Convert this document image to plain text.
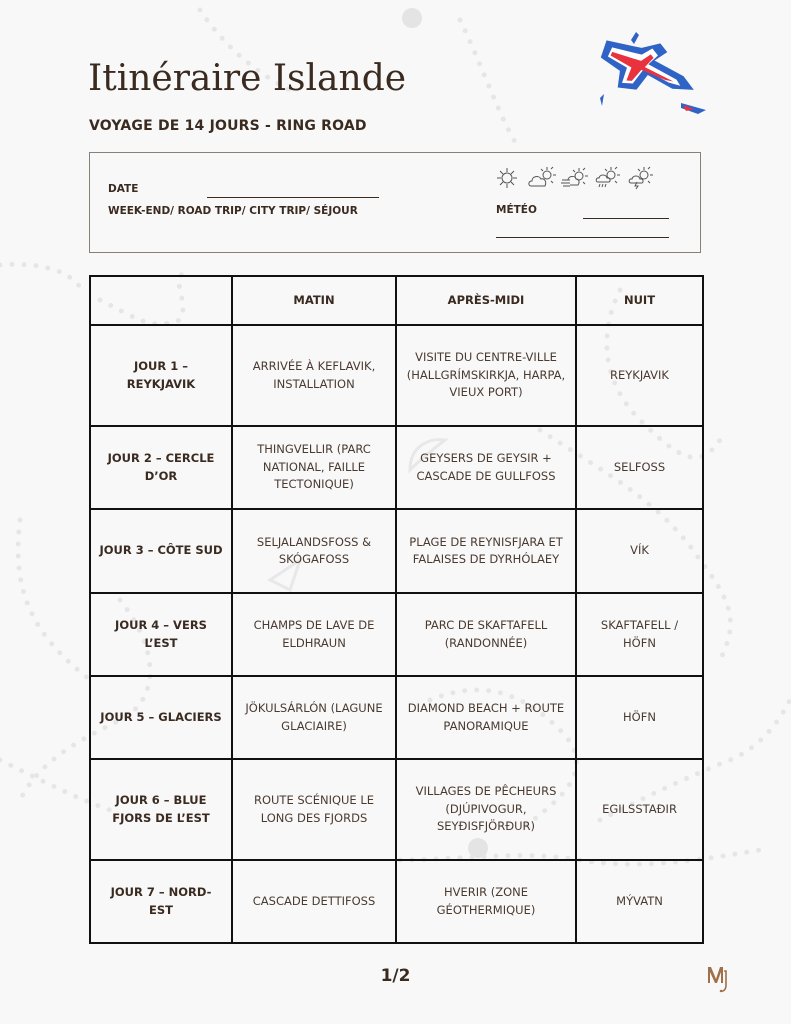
Itinéraire Islande
VOYAGE DE 14 JOURS - RING ROAD
DATE
WEEK-END/ ROAD TRIP/ CITY TRIP/ SÉJOUR	MÉTÉO
	MATIN	APRÈS-MIDI	NUIT
JOUR 1 – REYKJAVIK	ARRIVÉE À KEFLAVIK, INSTALLATION	VISITE DU CENTRE-VILLE (HALLGRÍMSKIRKJA, HARPA, VIEUX PORT)	REYKJAVIK
JOUR 2 – CERCLE D’OR	THINGVELLIR (PARC NATIONAL, FAILLE TECTONIQUE)	GEYSERS DE GEYSIR + CASCADE DE GULLFOSS	SELFOSS
JOUR 3 – CÔTE SUD	SELJALANDSFOSS & SKÓGAFOSS	PLAGE DE REYNISFJARA ET FALAISES DE DYRHÓLAEY	VÍK
JOUR 4 – VERS L’EST	CHAMPS DE LAVE DE ELDHRAUN	PARC DE SKAFTAFELL (RANDONNÉE)	SKAFTAFELL / HÖFN
JOUR 5 – GLACIERS	JÖKULSÁRLÓN (LAGUNE GLACIAIRE)	DIAMOND BEACH + ROUTE PANORAMIQUE	HÖFN
JOUR 6 – BLUE FJORS DE L’EST	ROUTE SCÉNIQUE LE LONG DES FJORDS	VILLAGES DE PÊCHEURS (DJÚPIVOGUR, SEYÐISFJÖRÐUR)	EGILSSTAÐIR
JOUR 7 – NORD-EST	CASCADE DETTIFOSS	HVERIR (ZONE GÉOTHERMIQUE)	MÝVATN
1/2
